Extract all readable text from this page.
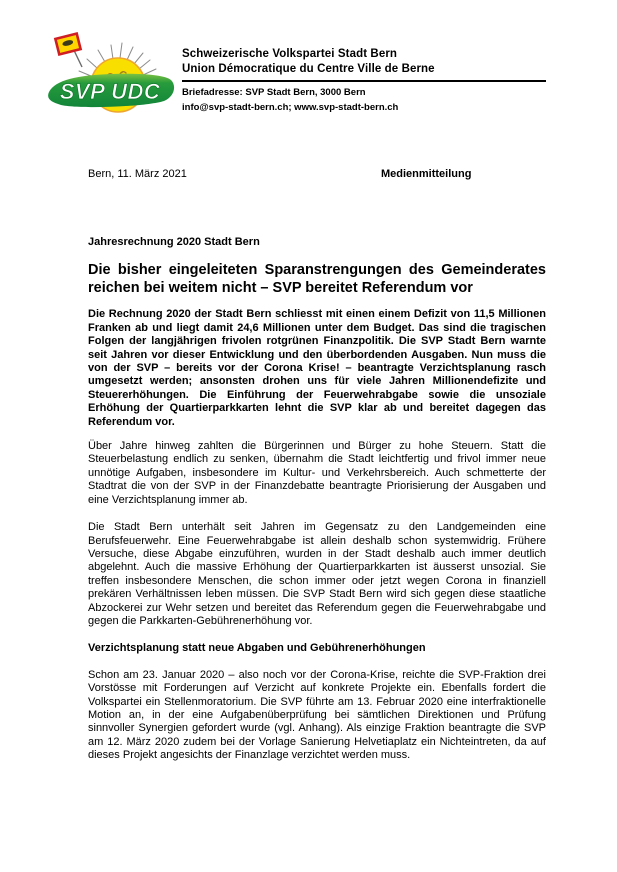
SVP UDC
Schweizerische Volkspartei Stadt Bern
Union Démocratique du Centre Ville de Berne
Briefadresse: SVP Stadt Bern, 3000 Bern
info@svp-stadt-bern.ch; www.svp-stadt-bern.ch
Bern, 11. März 2021	Medienmitteilung
Jahresrechnung 2020 Stadt Bern
Die bisher eingeleiteten Sparanstrengungen des Gemeinderates reichen bei weitem nicht – SVP bereitet Referendum vor

Die Rechnung 2020 der Stadt Bern schliesst mit einen einem Defizit von 11,5 Millionen Franken ab und liegt damit 24,6 Millionen unter dem Budget. Das sind die tragischen Folgen der langjährigen frivolen rotgrünen Finanzpolitik. Die SVP Stadt Bern warnte seit Jahren vor dieser Entwicklung und den überbordenden Ausgaben. Nun muss die von der SVP – bereits vor der Corona Krise! – beantragte Verzichtsplanung rasch umgesetzt werden; ansonsten drohen uns für viele Jahren Millionendefizite und Steuererhöhungen. Die Einführung der Feuerwehrabgabe sowie die unsoziale Erhöhung der Quartierparkkarten lehnt die SVP klar ab und bereitet dagegen das Referendum vor.

Über Jahre hinweg zahlten die Bürgerinnen und Bürger zu hohe Steuern. Statt die Steuerbelastung endlich zu senken, übernahm die Stadt leichtfertig und frivol immer neue unnötige Aufgaben, insbesondere im Kultur- und Verkehrsbereich. Auch schmetterte der Stadtrat die von der SVP in der Finanzdebatte beantragte Priorisierung der Ausgaben und eine Verzichtsplanung immer ab.

Die Stadt Bern unterhält seit Jahren im Gegensatz zu den Landgemeinden eine Berufsfeuerwehr. Eine Feuerwehrabgabe ist allein deshalb schon systemwidrig. Frühere Versuche, diese Abgabe einzuführen, wurden in der Stadt deshalb auch immer deutlich abgelehnt. Auch die massive Erhöhung der Quartierparkkarten ist äusserst unsozial. Sie treffen insbesondere Menschen, die schon immer oder jetzt wegen Corona in finanziell prekären Verhältnissen leben müssen. Die SVP Stadt Bern wird sich gegen diese staatliche Abzockerei zur Wehr setzen und bereitet das Referendum gegen die Feuerwehrabgabe und gegen die Parkkarten-Gebührenerhöhung vor.

Verzichtsplanung statt neue Abgaben und Gebührenerhöhungen

Schon am 23. Januar 2020 – also noch vor der Corona-Krise, reichte die SVP-Fraktion drei Vorstösse mit Forderungen auf Verzicht auf konkrete Projekte ein. Ebenfalls fordert die Volkspartei ein Stellenmoratorium. Die SVP führte am 13. Februar 2020 eine interfraktionelle Motion an, in der eine Aufgabenüberprüfung bei sämtlichen Direktionen und Prüfung sinnvoller Synergien gefordert wurde (vgl. Anhang). Als einzige Fraktion beantragte die SVP am 12. März 2020 zudem bei der Vorlage Sanierung Helvetiaplatz ein Nichteintreten, da auf dieses Projekt angesichts der Finanzlage verzichtet werden muss.
